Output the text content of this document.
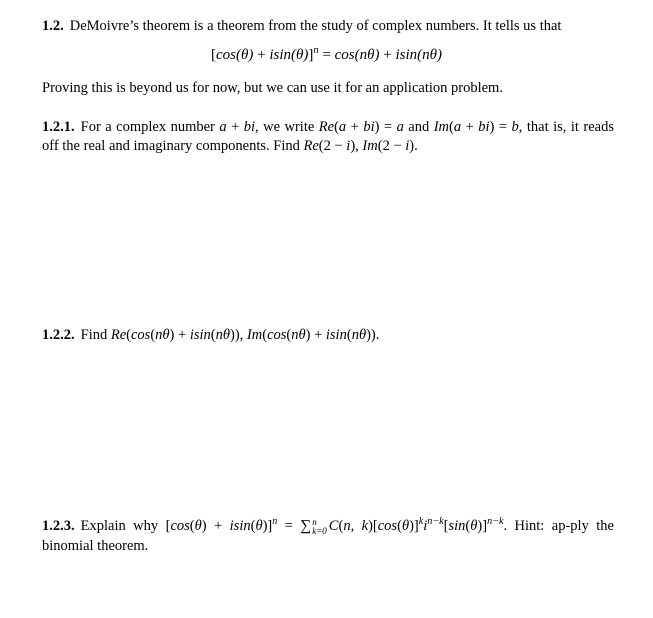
1.2. DeMoivre’s theorem is a theorem from the study of complex numbers. It tells us that
$[\cos(\theta) + isin(\theta)]^n = \cos(n\theta) + isin(n\theta)$
Proving this is beyond us for now, but we can use it for an application problem.
1.2.1. For a complex number a + bi, we write Re(a + bi) = a and Im(a + bi) = b, that is, it reads off the real and imaginary components. Find Re(2 − i), Im(2 − i).
1.2.2. Find Re(cos(nθ) + isin(nθ)), Im(cos(nθ) + isin(nθ)).
1.2.3. Explain why $[\cos(\theta) + isin(\theta)]^n$ = ∑ n
k=0 C(n, $k)[\cos(\theta)]^ki^{n-k}[\sin(\theta)]^{n-k}$. Hint: ap-ply the binomial theorem.
